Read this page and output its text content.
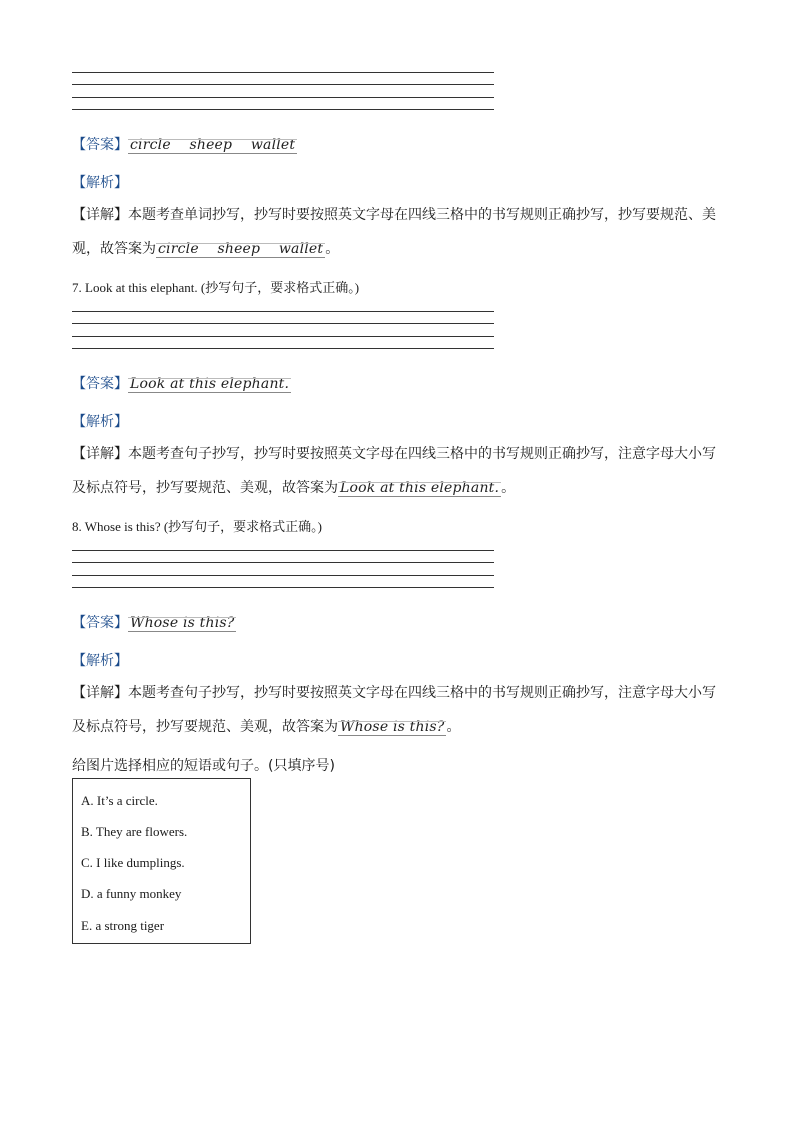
【答案】 circle sheep wallet
【解析】
【详解】本题考查单词抄写，抄写时要按照英文字母在四线三格中的书写规则正确抄写，抄写要规范、美
观，故答案为 circle sheep wallet 。
7. Look at this elephant. (抄写句子，要求格式正确。)
【答案】 Look at this elephant.
【解析】
【详解】本题考查句子抄写，抄写时要按照英文字母在四线三格中的书写规则正确抄写，注意字母大小写
及标点符号，抄写要规范、美观，故答案为 Look at this elephant. 。
8. Whose is this? (抄写句子，要求格式正确。)
【答案】 Whose is this?
【解析】
【详解】本题考查句子抄写，抄写时要按照英文字母在四线三格中的书写规则正确抄写，注意字母大小写
及标点符号，抄写要规范、美观，故答案为 Whose is this? 。
给图片选择相应的短语或句子。(只填序号)
A. It’s a circle.
B. They are flowers.
C. I like dumplings.
D. a funny monkey
E. a strong tiger
